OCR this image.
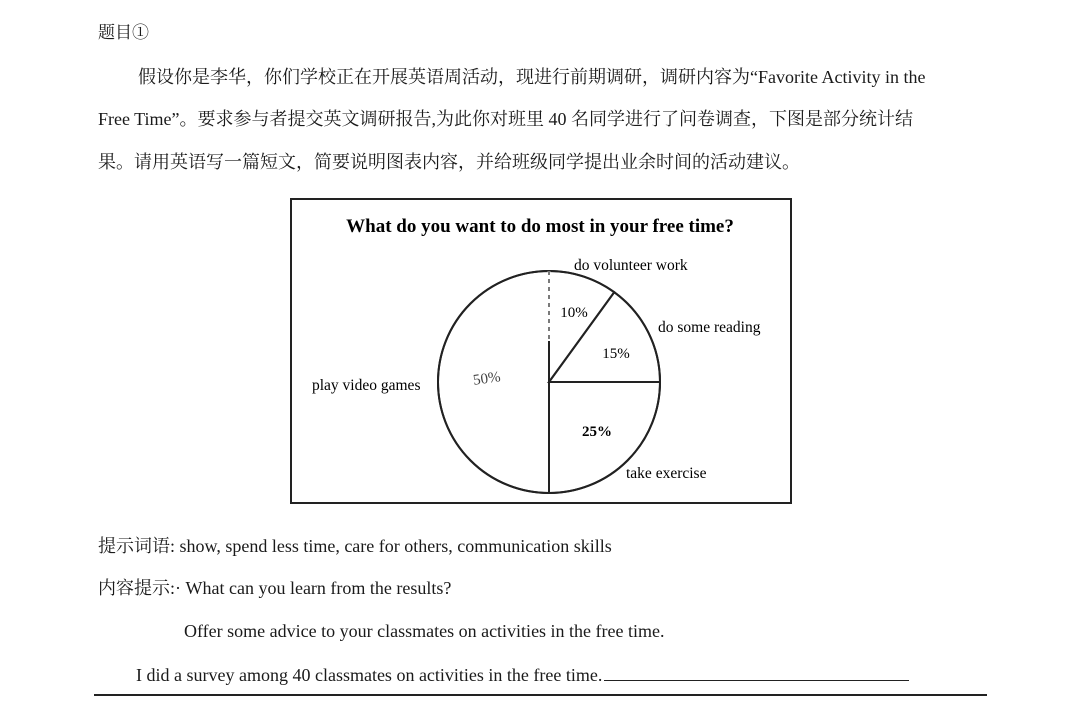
题目①
假设你是李华，你们学校正在开展英语周活动，现进行前期调研，调研内容为“Favorite Activity in the
Free Time”。要求参与者提交英文调研报告,为此你对班里 40 名同学进行了问卷调查，下图是部分统计结
果。请用英语写一篇短文，简要说明图表内容，并给班级同学提出业余时间的活动建议。
What do you want to do most in your free time?
do volunteer work
do some reading
take exercise
play video games
10%
15%
25%
50%
提示词语: show, spend less time, care for others, communication skills
内容提示:· What can you learn from the results?
Offer some advice to your classmates on activities in the free time.
I did a survey among 40 classmates on activities in the free time.
